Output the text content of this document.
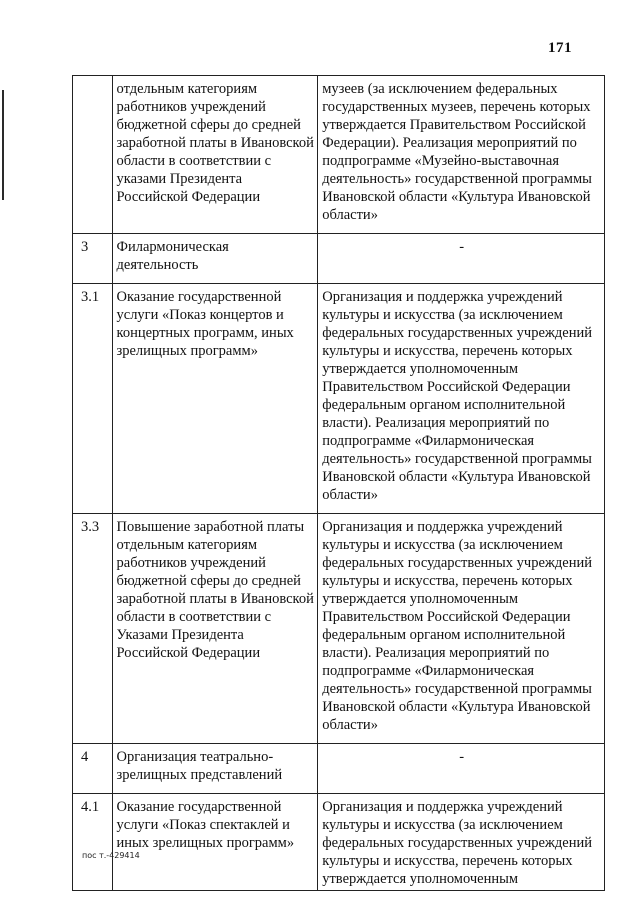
171
	отдельным категориям работников учреждений бюджетной сферы до средней заработной платы в Ивановской области в соответствии с указами Президента Российской Федерации	музеев (за исключением федеральных государственных музеев, перечень которых утверждается Правительством Российской Федерации). Реализация мероприятий по подпрограмме «Музейно-выставочная деятельность» государственной программы Ивановской области «Культура Ивановской области»
3	Филармоническая деятельность	-
3.1	Оказание государственной услуги «Показ концертов и концертных программ, иных зрелищных программ»	Организация и поддержка учреждений культуры и искусства (за исключением федеральных государственных учреждений культуры и искусства, перечень которых утверждается уполномоченным Правительством Российской Федерации федеральным органом исполнительной власти). Реализация мероприятий по подпрограмме «Филармоническая деятельность» государственной программы Ивановской области «Культура Ивановской области»
3.3	Повышение заработной платы отдельным категориям работников учреждений бюджетной сферы до средней заработной платы в Ивановской области в соответствии с Указами Президента Российской Федерации	Организация и поддержка учреждений культуры и искусства (за исключением федеральных государственных учреждений культуры и искусства, перечень которых утверждается уполномоченным Правительством Российской Федерации федеральным органом исполнительной власти). Реализация мероприятий по подпрограмме «Филармоническая деятельность» государственной программы Ивановской области «Культура Ивановской области»
4	Организация театрально-зрелищных представлений	-
4.1	Оказание государственной услуги «Показ спектаклей и иных зрелищных программ»	Организация и поддержка учреждений культуры и искусства (за исключением федеральных государственных учреждений культуры и искусства, перечень которых утверждается уполномоченным
пос т.-429414
